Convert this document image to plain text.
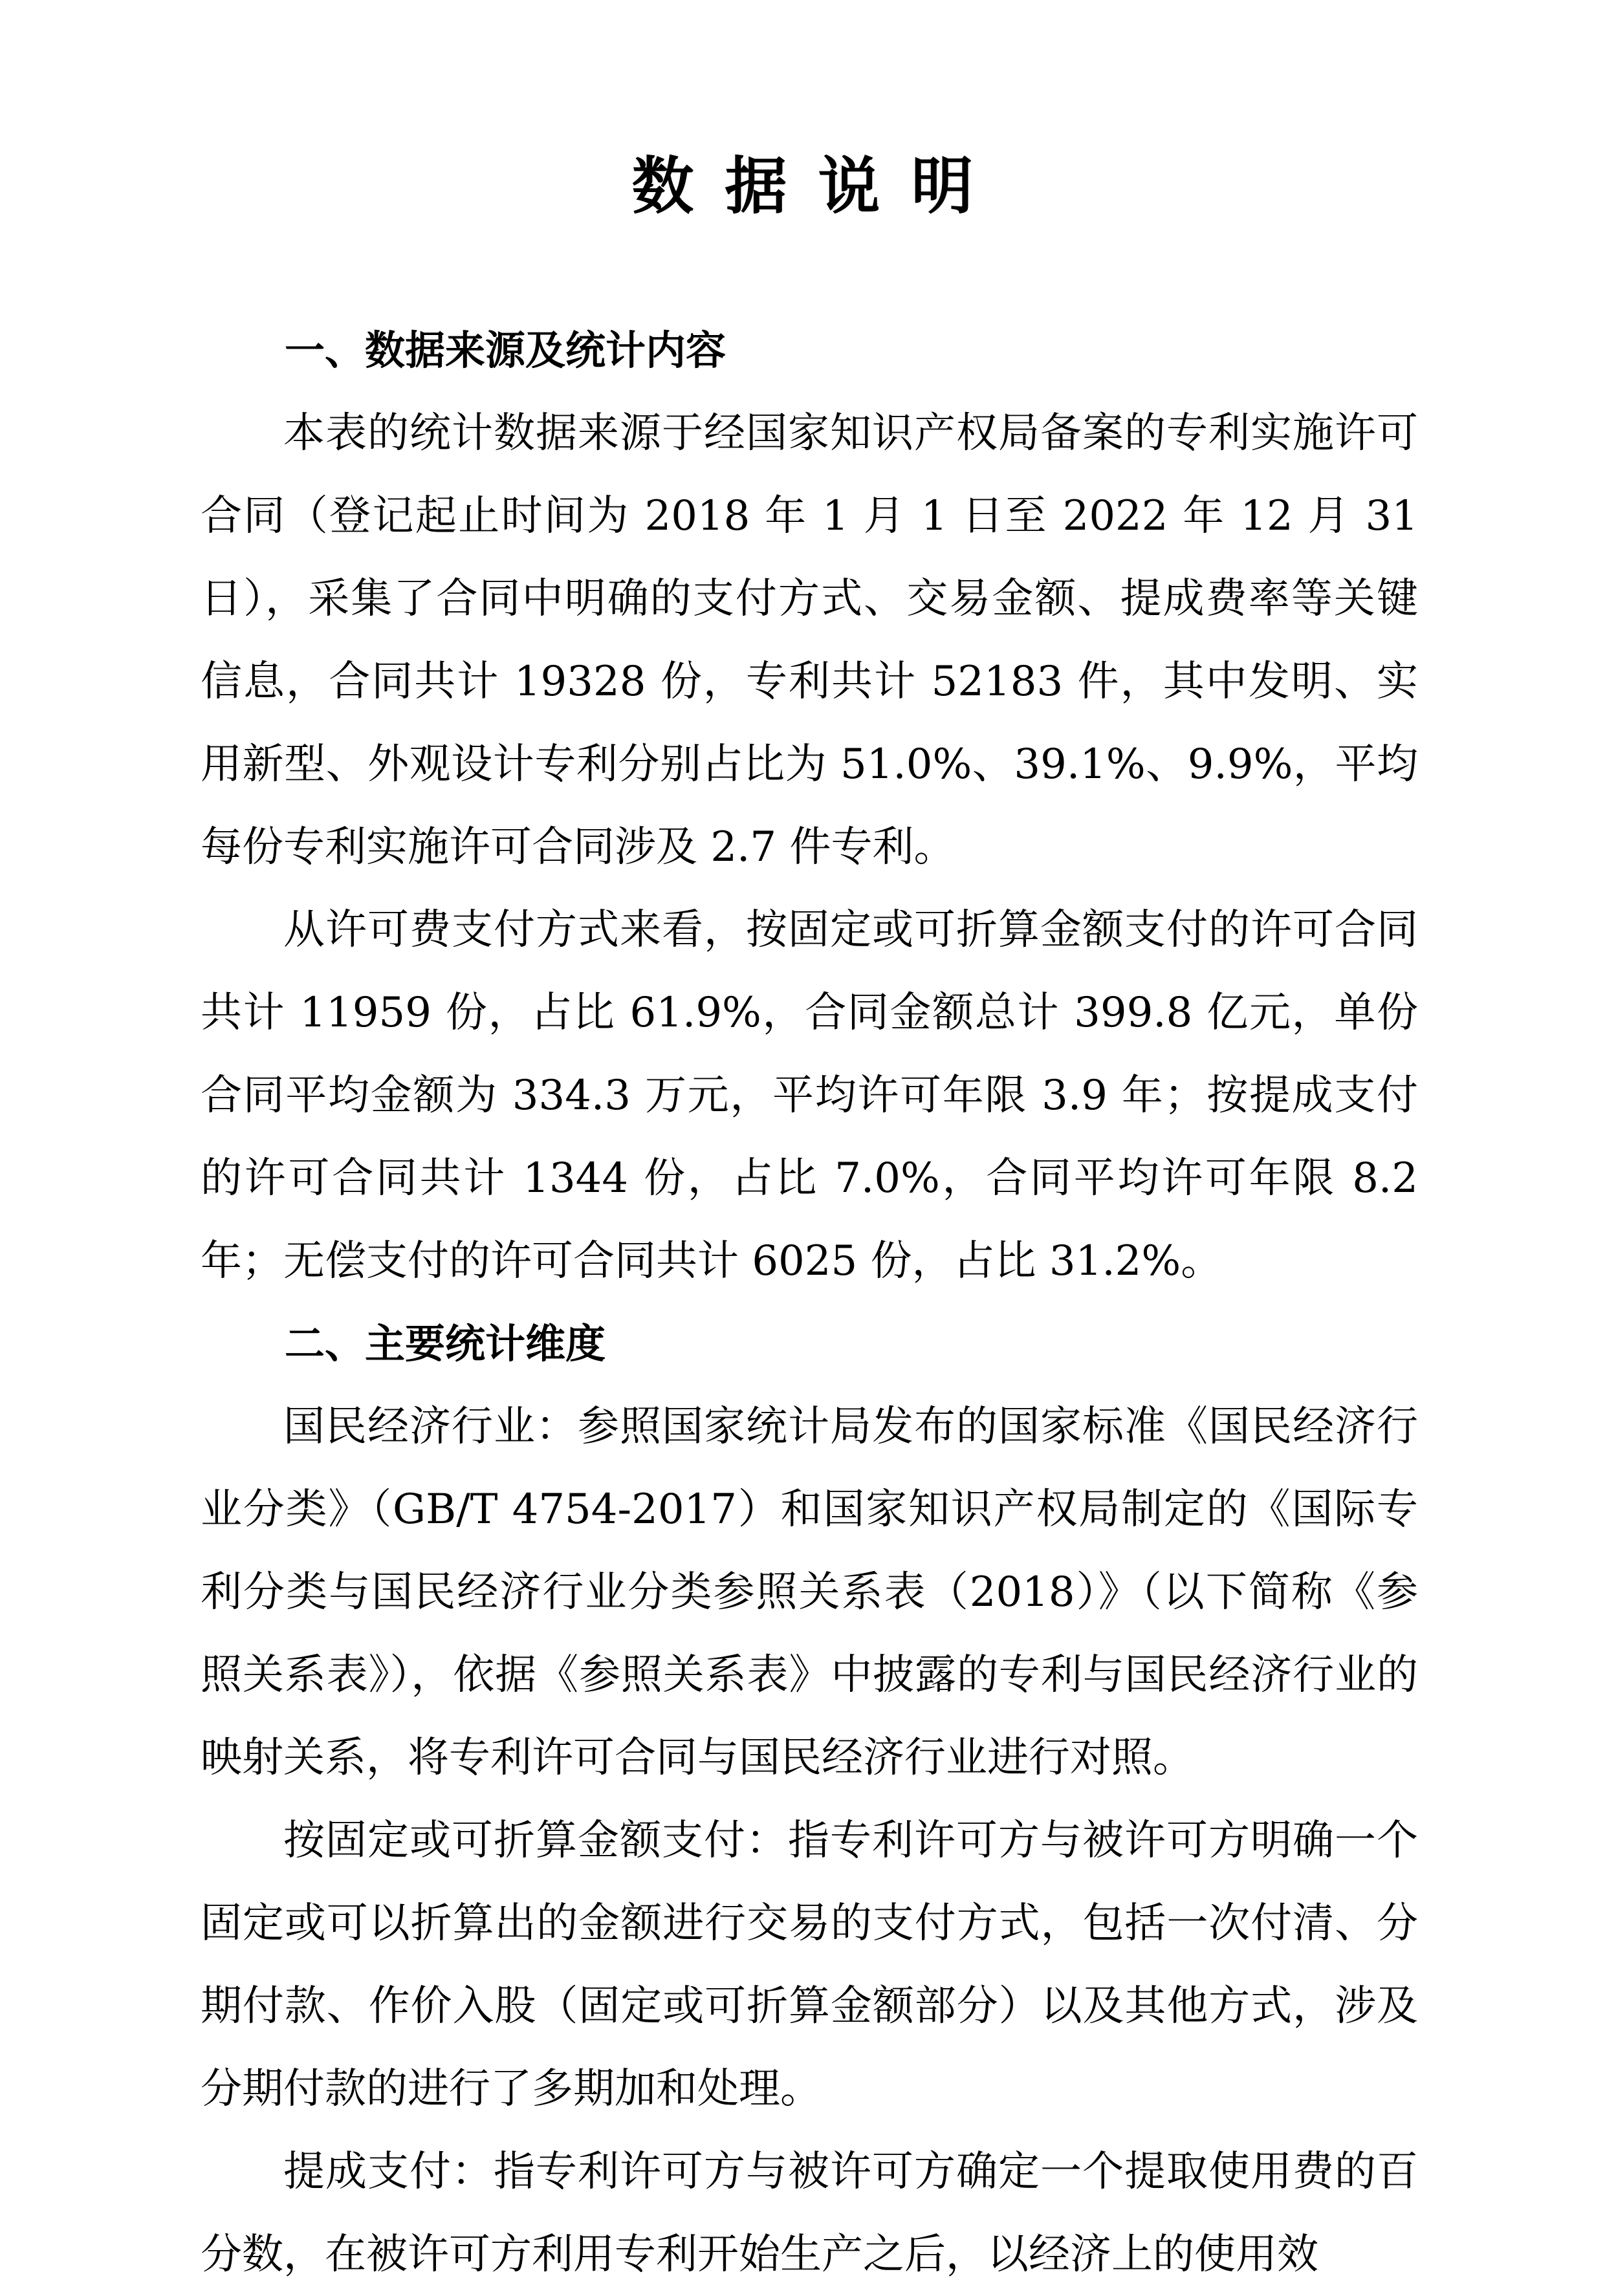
数据说明

一、数据来源及统计内容

本表的统计数据来源于经国家知识产权局备案的专利实施许可合同（登记起止时间为 2018 年 1 月 1 日至 2022 年 12 月 31 日），采集了合同中明确的支付方式、交易金额、提成费率等关键信息，合同共计 19328 份，专利共计 52183 件，其中发明、实用新型、外观设计专利分别占比为 51.0%、39.1%、9.9%，平均每份专利实施许可合同涉及 2.7 件专利。

从许可费支付方式来看，按固定或可折算金额支付的许可合同共计 11959 份，占比 61.9%，合同金额总计 399.8 亿元，单份合同平均金额为 334.3 万元，平均许可年限 3.9 年；按提成支付的许可合同共计 1344 份，占比 7.0%，合同平均许可年限 8.2 年；无偿支付的许可合同共计 6025 份，占比 31.2%。

二、主要统计维度

国民经济行业：参照国家统计局发布的国家标准《国民经济行业分类》（GB/T 4754-2017）和国家知识产权局制定的《国际专利分类与国民经济行业分类参照关系表（2018）》（以下简称《参照关系表》），依据《参照关系表》中披露的专利与国民经济行业的映射关系，将专利许可合同与国民经济行业进行对照。

按固定或可折算金额支付：指专利许可方与被许可方明确一个固定或可以折算出的金额进行交易的支付方式，包括一次付清、分期付款、作价入股（固定或可折算金额部分）以及其他方式，涉及分期付款的进行了多期加和处理。

提成支付：指专利许可方与被许可方确定一个提取使用费的百分数，在被许可方利用专利开始生产之后，以经济上的使用效
